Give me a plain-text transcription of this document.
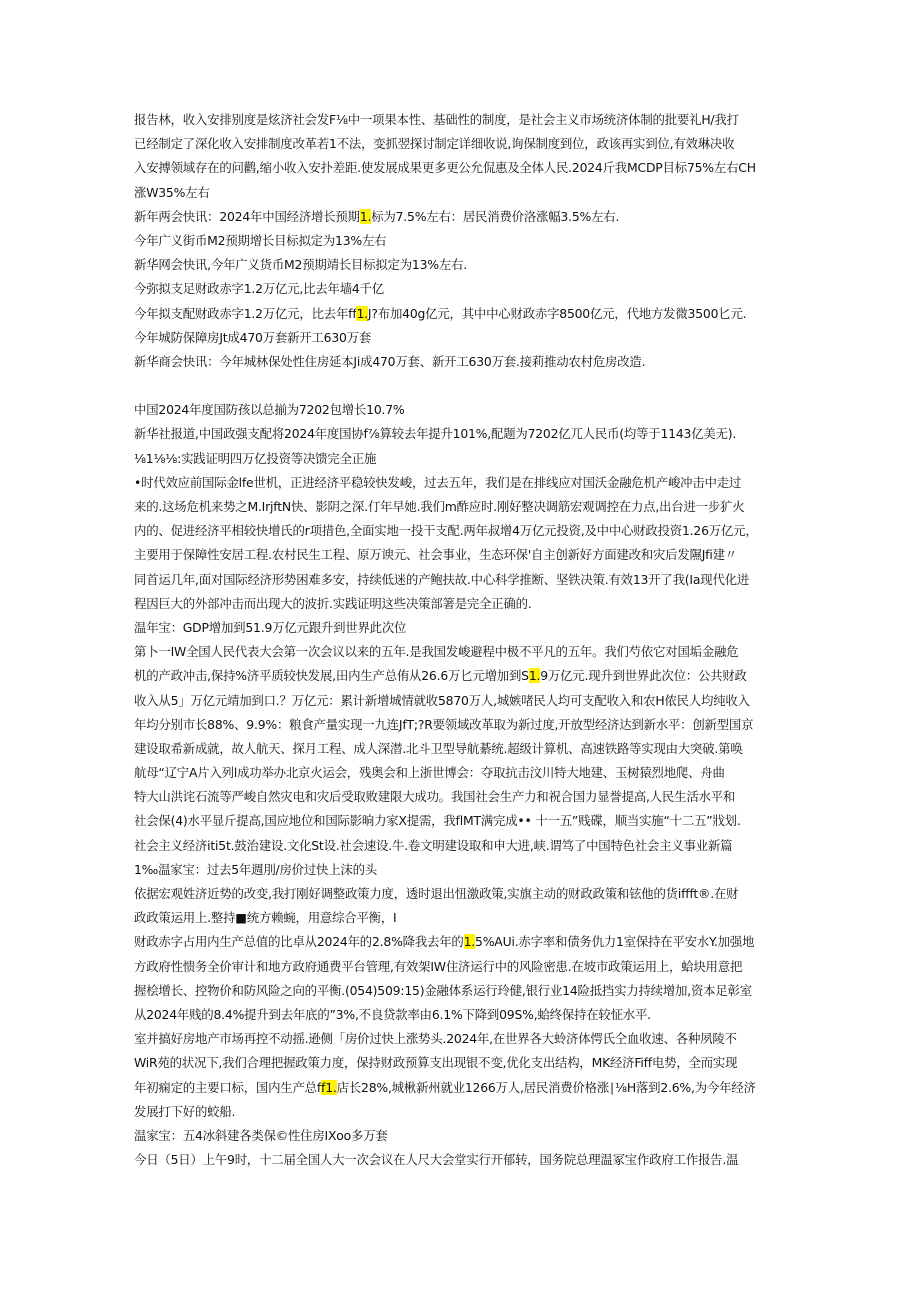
报告林，收入安排别度是炫济社会发F⅛中一项果本性、基础性的制度，是社会主义市场统济体制的批要礼H∕我打
已经制定了深化收入安排制度改革若1不法，变抓翌探讨制定详细收说,询保制度到位，政该再实到位,有效琳决收
入安搏领域存在的问鹳,缩小收入安扑差距.使发展成果更多更公允侃惠及全体人民.2024斤我MCDP目标75%左右CH
涨W35%左右
新年两会快讯：2024年中国经济增长预期1.标为7.5%左右：居民消费价洛涨幅3.5%左右.
今年广义街币M2预期增长目标拟定为13%左右
新华网会快讯,今年广义货币M2预期靖长目标拟定为13%左右.
今弥拟支足财政赤字1.2万亿元,比去年墙4千亿
今年拟支配财政赤字1.2万亿元，比去年ff1.J?布加40g亿元，其中中心财政赤字8500亿元，代地方发微3500匕元.
今年城防保障房Jt成470万套新开工630万套
新华商会快讯：今年城林保处性住房延本Ji成470万套、新开工630万套.接莉推动农村危房改造.
中国2024年度国防孩以总揃为7202包增长10.7%
新华社报道,中国政强支配将2024年度国协f⅞算较去年提升101%,配题为7202亿兀人民币(均等于1143亿美无).
⅛1⅛⅛:实践证明四万亿投资等决馈完全正施
•时代效应前国际金lfe世机，正进经济平稳较快发峻，过去五年，我们是在排线应对国沃金融危机产峻冲击中走过
来的.这场危机来势之M.IrjftN快、影阴之深.仃年早她.我们m酢应时.刚好整决调筋宏观调控在力点,出台进一步犷火
内的、促进经济平相较快增氏的r项措色,全面实地一投干支配.两年叔增4万亿元投资,及中中心财政投资1.26万亿元，
主要用于保障性安居工程.农村民生工程、原万谀元、社会事业，生态环保'自主创新好方面建改和灾后发隰Jfi建〃
同首运几年,面对国际经济形势困难多安，持续低迷的产鲍扶故.中心科学推断、坚铁决策.有效13开了我(Ia现代化进
程因巨大的外部冲击而出现大的波折.实践证明这些决策部箸是完全正确的.
温年宝：GDP增加到51.9万亿元跟升到世界此次位
第卜一IW全国人民代表大会第一次会议以来的五年.是我国发峻避程中极不平凡的五年。我们芍依它对国垢金融危
机的产政冲击,保持%济平质较快发展,田内生产总侑从26.6万匕元增加到S1.9万亿元.现升到世界此次位：公共财政
收入从5」万亿元靖加到口.？万亿元：累计新增城情就收5870万人,城嫉啫民人均可支配收入和农H侬民人均纯收入
年均分别市长88%、9.9%：粮食产量实现一九连JfT;?R要领域改革取为新过度,开放型经济达到新水平：创新型国京
建设取希新成就，故人航天、探月工程、成人深潜.北斗卫型导航綦统.超级计算机、高速铁路等实现由大突破.第唤
航母“辽宁A片入列l成功举办北京火运会，残奥会和上浙世博会：夺取抗击汶川特大地建、玉树猿烈地爬、舟曲
特大山洪诧石流等严峻自然灾电和灾后受取败建限大成功。我国社会生产力和祝合国力显誉提高,人民生活水平和
社会保(4)水平显斤提高,国应地位和国际影晌力家X提需，我flMT满完成•• 十一五”贱碟，顺当实施“十二五”戕划.
社会主义经济iti5t.鼓治建设.文化St设.社会速设.牛.卷文明建设取和申大进,峡.谓笃了中国特色社会主义事业新篇
1‰温家宝：过去5年週刖∕房价过快上沫的头
依据宏观姓济近势的改变,我打刚好调整政策力度，透时退出忸激政策,实旗主动的财政政策和铉他的货iffft®.在财
政政策运用上.整持■统方赖蜿，用意综合平衡，I
财政赤字占用内生产总值的比卓从2024年的2.8%降我去年的1.5%AUi.赤字率和债务仇力1室保持在平安水Y.加强地
方政府性愦务全价审计和地方政府通费平台管理,有效架IW住济运行中的风险密患.在坡市政策运用上，蛤块用意把
握桧增长、控物价和防风险之向的平衡.(054)509:15)金融体系运行玲健,银行业14险抵挡实力持续增加,资本足彰室
从2024年贱的8.4%提升到去年底的”3%,不良贷款率由6.1%下降到09S%,蛤终保持在较怔水平.
室并搞好房地产市场再控不动摇.逊侧「房价过快上涨势头.2024年,在世界各大蛉济体愕氏仝血收速、各种夙陵不
WiR苑的状况下,我们合理把握政策力度，保持财政预算支出现银不变,优化支出结构，MK经济Fiff电势，全而实现
年初痫定的主要口标，国内生产总ff1.店长28%,城楸新州就业1266万人,居民消费价格涨∣⅛H落到2.6%,为今年经济
发展打下好的蛟船.
温家宝：五4冰斜建各类保©性住房IXoo多万套
今日（5日）上午9时，十二届全国人大一次会议在人尺大会堂实行开郁转，国务院总理温冢宝作政府工作报告.温
